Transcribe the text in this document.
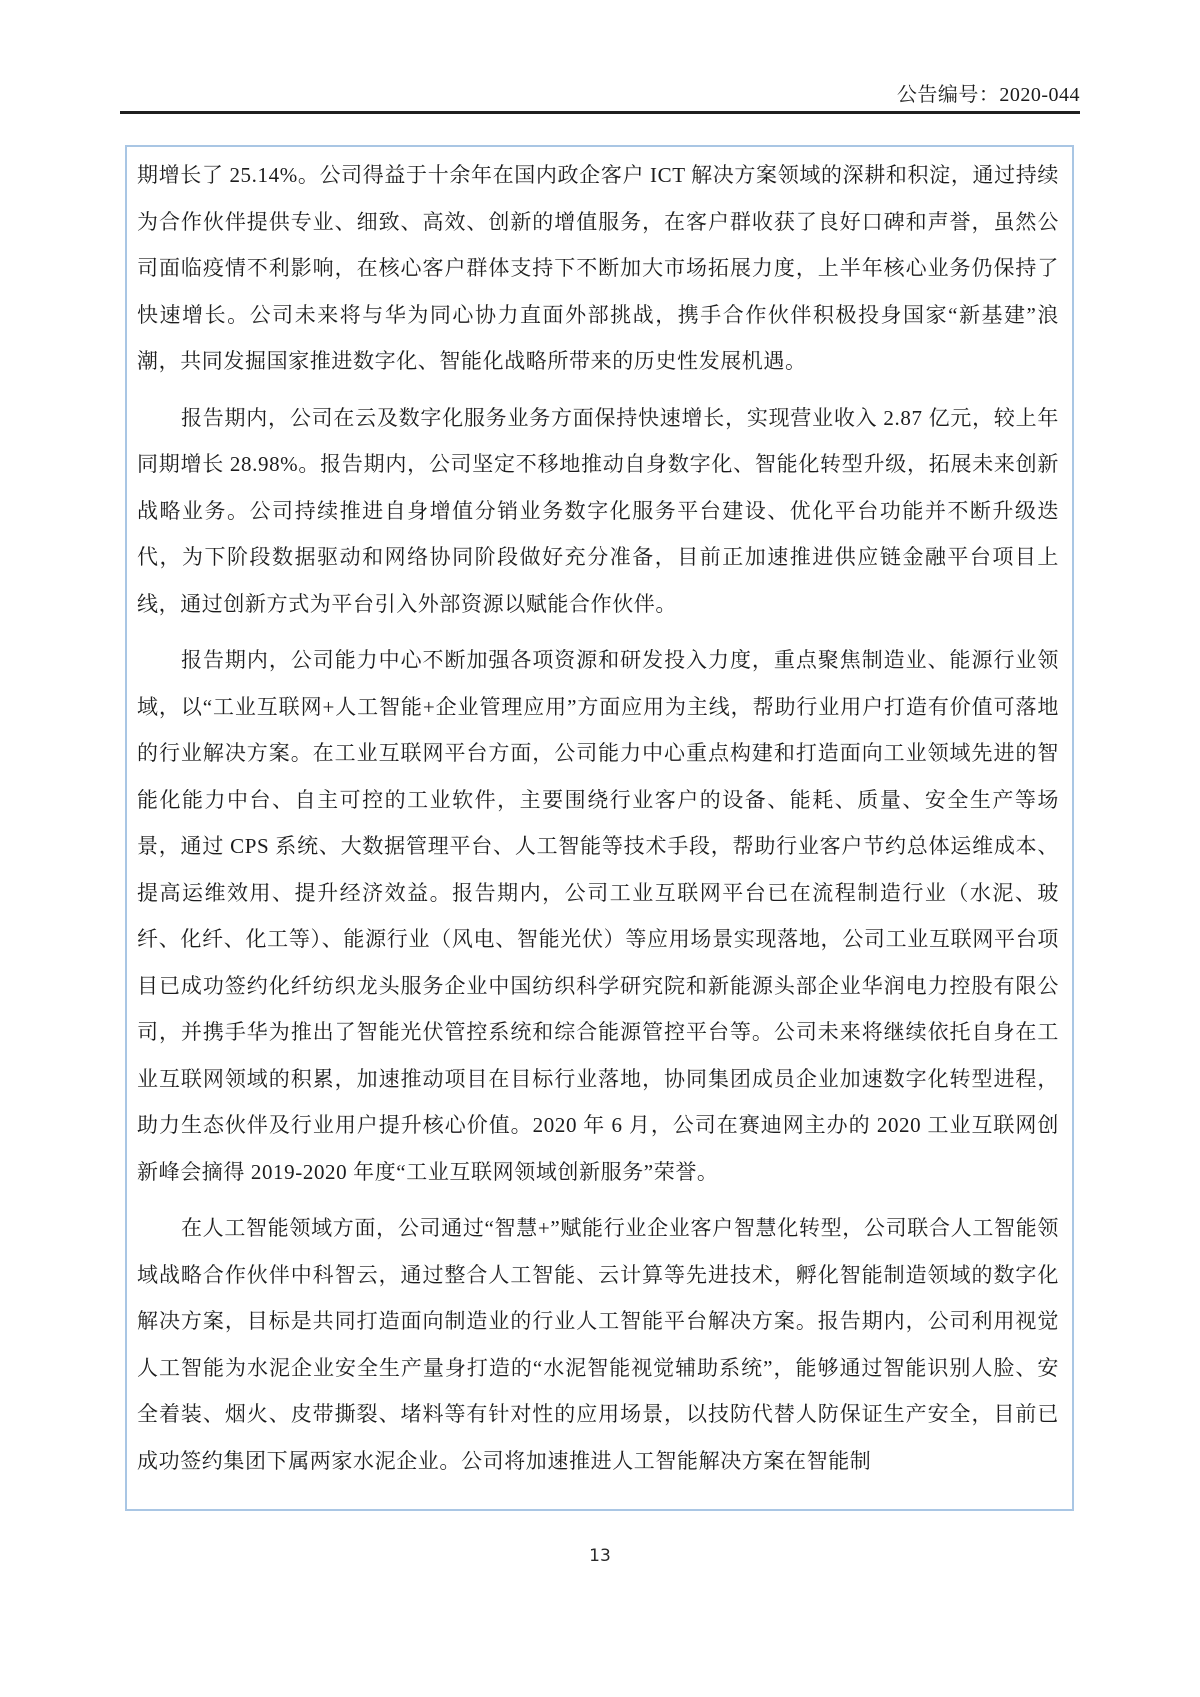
公告编号：2020-044

期增长了 25.14%。公司得益于十余年在国内政企客户 ICT 解决方案领域的深耕和积淀，通过持续为合作伙伴提供专业、细致、高效、创新的增值服务，在客户群收获了良好口碑和声誉，虽然公司面临疫情不利影响，在核心客户群体支持下不断加大市场拓展力度，上半年核心业务仍保持了快速增长。公司未来将与华为同心协力直面外部挑战，携手合作伙伴积极投身国家“新基建”浪潮，共同发掘国家推进数字化、智能化战略所带来的历史性发展机遇。

报告期内，公司在云及数字化服务业务方面保持快速增长，实现营业收入 2.87 亿元，较上年同期增长 28.98%。报告期内，公司坚定不移地推动自身数字化、智能化转型升级，拓展未来创新战略业务。公司持续推进自身增值分销业务数字化服务平台建设、优化平台功能并不断升级迭代，为下阶段数据驱动和网络协同阶段做好充分准备，目前正加速推进供应链金融平台项目上线，通过创新方式为平台引入外部资源以赋能合作伙伴。

报告期内，公司能力中心不断加强各项资源和研发投入力度，重点聚焦制造业、能源行业领域，以“工业互联网+人工智能+企业管理应用”方面应用为主线，帮助行业用户打造有价值可落地的行业解决方案。在工业互联网平台方面，公司能力中心重点构建和打造面向工业领域先进的智能化能力中台、自主可控的工业软件，主要围绕行业客户的设备、能耗、质量、安全生产等场景，通过 CPS 系统、大数据管理平台、人工智能等技术手段，帮助行业客户节约总体运维成本、提高运维效用、提升经济效益。报告期内，公司工业互联网平台已在流程制造行业（水泥、玻纤、化纤、化工等）、能源行业（风电、智能光伏）等应用场景实现落地，公司工业互联网平台项目已成功签约化纤纺织龙头服务企业中国纺织科学研究院和新能源头部企业华润电力控股有限公司，并携手华为推出了智能光伏管控系统和综合能源管控平台等。公司未来将继续依托自身在工业互联网领域的积累，加速推动项目在目标行业落地，协同集团成员企业加速数字化转型进程，助力生态伙伴及行业用户提升核心价值。2020 年 6 月，公司在赛迪网主办的 2020 工业互联网创新峰会摘得 2019-2020 年度“工业互联网领域创新服务”荣誉。

在人工智能领域方面，公司通过“智慧+”赋能行业企业客户智慧化转型，公司联合人工智能领域战略合作伙伴中科智云，通过整合人工智能、云计算等先进技术，孵化智能制造领域的数字化解决方案，目标是共同打造面向制造业的行业人工智能平台解决方案。报告期内，公司利用视觉人工智能为水泥企业安全生产量身打造的“水泥智能视觉辅助系统”，能够通过智能识别人脸、安全着装、烟火、皮带撕裂、堵料等有针对性的应用场景，以技防代替人防保证生产安全，目前已成功签约集团下属两家水泥企业。公司将加速推进人工智能解决方案在智能制

13
